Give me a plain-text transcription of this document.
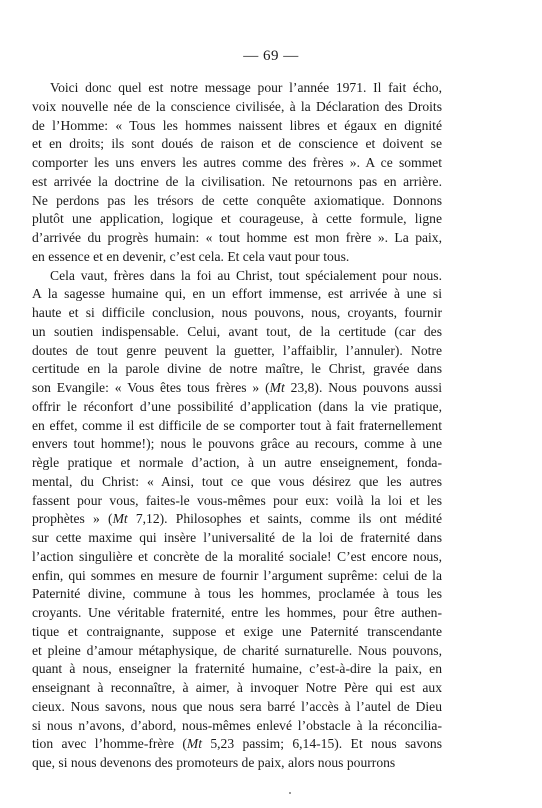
— 69 —
Voici donc quel est notre message pour l’année 1971. Il fait écho,
voix nouvelle née de la conscience civilisée, à la Déclaration des Droits
de l’Homme: « Tous les hommes naissent libres et égaux en dignité
et en droits; ils sont doués de raison et de conscience et doivent se
comporter les uns envers les autres comme des frères ». A ce sommet
est arrivée la doctrine de la civilisation. Ne retournons pas en arrière.
Ne perdons pas les trésors de cette conquête axiomatique. Donnons
plutôt une application, logique et courageuse, à cette formule, ligne
d’arrivée du progrès humain: « tout homme est mon frère ». La paix,
en essence et en devenir, c’est cela. Et cela vaut pour tous.
Cela vaut, frères dans la foi au Christ, tout spécialement pour nous.
A la sagesse humaine qui, en un effort immense, est arrivée à une si
haute et si difficile conclusion, nous pouvons, nous, croyants, fournir
un soutien indispensable. Celui, avant tout, de la certitude (car des
doutes de tout genre peuvent la guetter, l’affaiblir, l’annuler). Notre
certitude en la parole divine de notre maître, le Christ, gravée dans
son Evangile: « Vous êtes tous frères » (Mt 23,8). Nous pouvons aussi
offrir le réconfort d’une possibilité d’application (dans la vie pratique,
en effet, comme il est difficile de se comporter tout à fait fraternellement
envers tout homme!); nous le pouvons grâce au recours, comme à une
règle pratique et normale d’action, à un autre enseignement, fonda-
mental, du Christ: « Ainsi, tout ce que vous désirez que les autres
fassent pour vous, faites-le vous-mêmes pour eux: voilà la loi et les
prophètes » (Mt 7,12). Philosophes et saints, comme ils ont médité
sur cette maxime qui insère l’universalité de la loi de fraternité dans
l’action singulière et concrète de la moralité sociale! C’est encore nous,
enfin, qui sommes en mesure de fournir l’argument suprême: celui de la
Paternité divine, commune à tous les hommes, proclamée à tous les
croyants. Une véritable fraternité, entre les hommes, pour être authen-
tique et contraignante, suppose et exige une Paternité transcendante
et pleine d’amour métaphysique, de charité surnaturelle. Nous pouvons,
quant à nous, enseigner la fraternité humaine, c’est-à-dire la paix, en
enseignant à reconnaître, à aimer, à invoquer Notre Père qui est aux
cieux. Nous savons, nous que nous sera barré l’accès à l’autel de Dieu
si nous n’avons, d’abord, nous-mêmes enlevé l’obstacle à la réconcilia-
tion avec l’homme-frère (Mt 5,23 passim; 6,14-15). Et nous savons
que, si nous devenons des promoteurs de paix, alors nous pourrons
